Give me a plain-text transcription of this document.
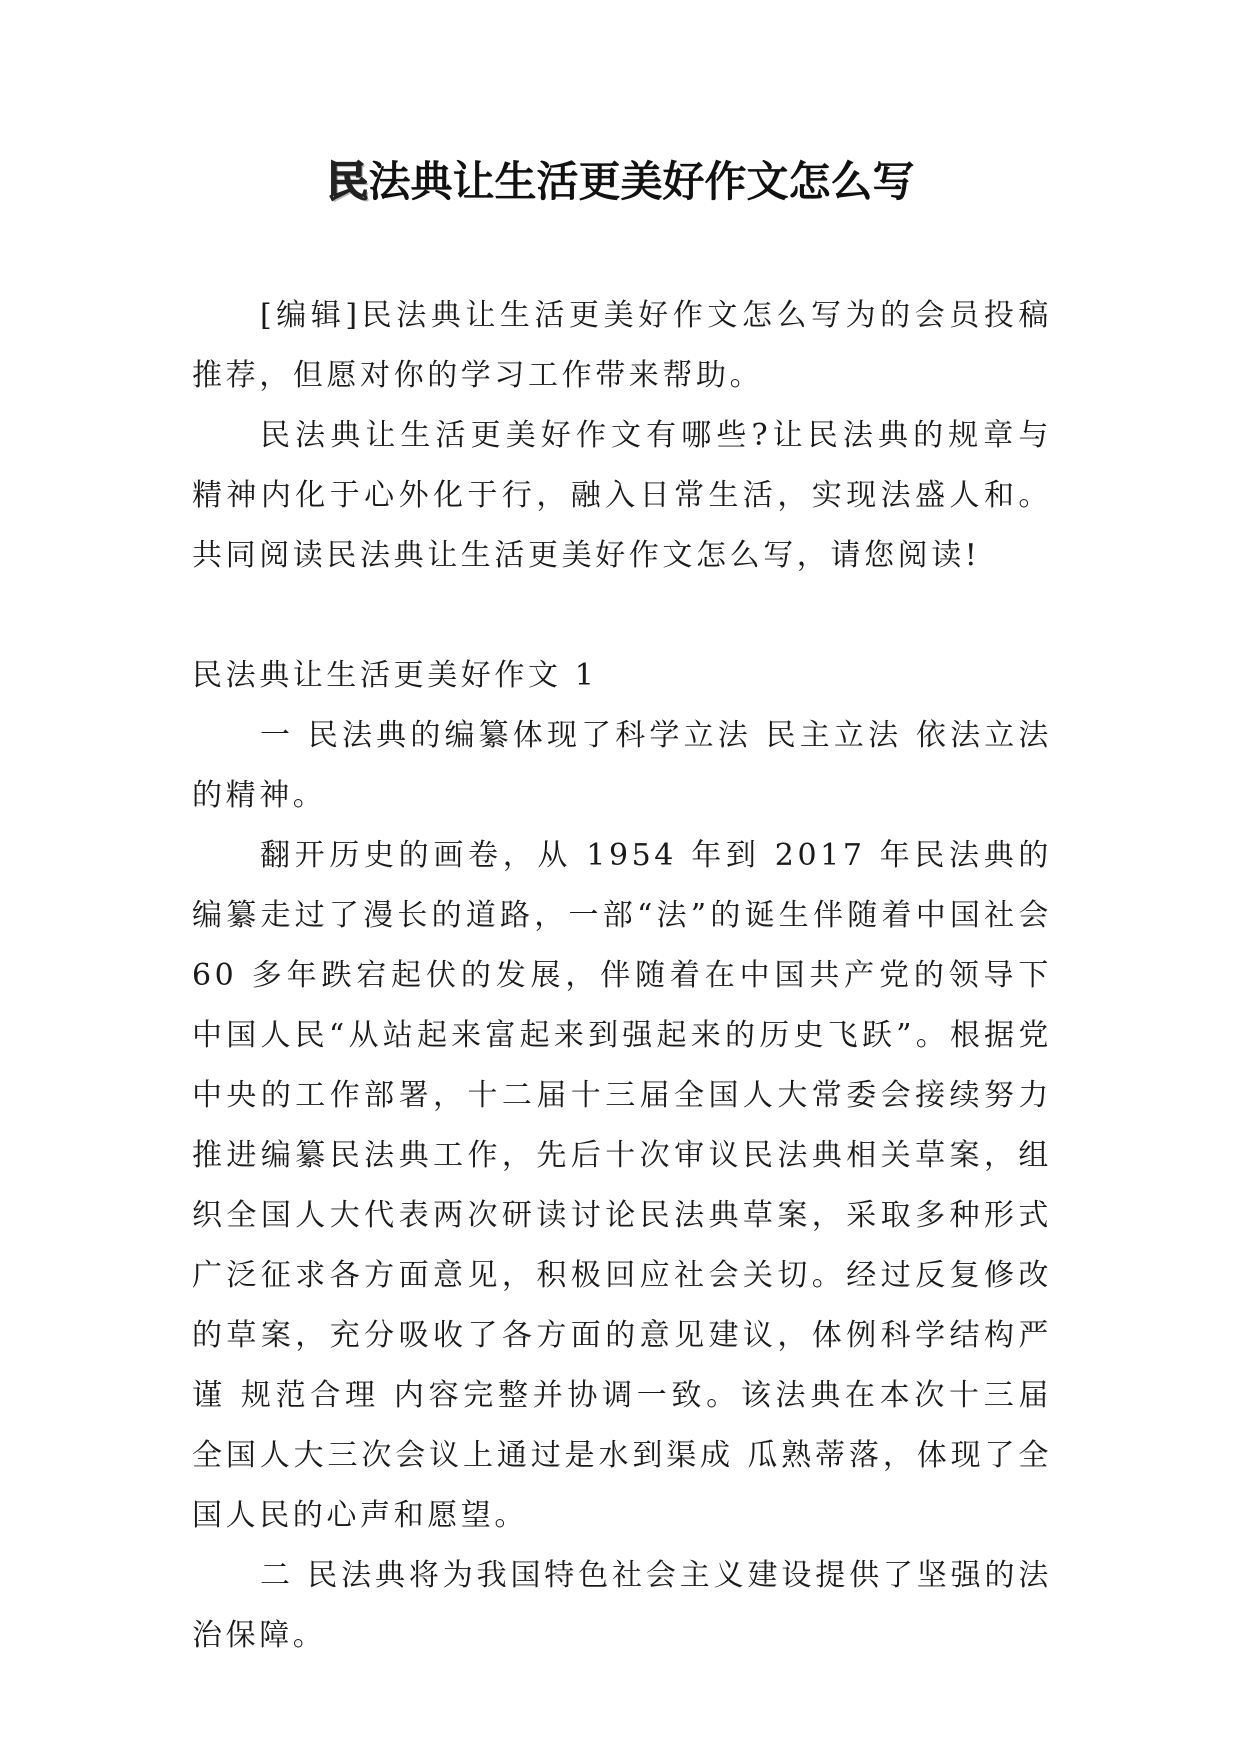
民法典让生活更美好作文怎么写

[编辑]民法典让生活更美好作文怎么写为的会员投稿推荐，但愿对你的学习工作带来帮助。

民法典让生活更美好作文有哪些?让民法典的规章与精神内化于心外化于行，融入日常生活，实现法盛人和。共同阅读民法典让生活更美好作文怎么写，请您阅读!

民法典让生活更美好作文 1

一 民法典的编纂体现了科学立法 民主立法 依法立法的精神。

翻开历史的画卷，从 1954 年到 2017 年民法典的编纂走过了漫长的道路，一部“法”的诞生伴随着中国社会 60 多年跌宕起伏的发展，伴随着在中国共产党的领导下中国人民“从站起来富起来到强起来的历史飞跃”。根据党中央的工作部署，十二届十三届全国人大常委会接续努力推进编纂民法典工作，先后十次审议民法典相关草案，组织全国人大代表两次研读讨论民法典草案，采取多种形式广泛征求各方面意见，积极回应社会关切。经过反复修改的草案，充分吸收了各方面的意见建议，体例科学结构严谨 规范合理 内容完整并协调一致。该法典在本次十三届全国人大三次会议上通过是水到渠成 瓜熟蒂落，体现了全国人民的心声和愿望。

二 民法典将为我国特色社会主义建设提供了坚强的法治保障。
